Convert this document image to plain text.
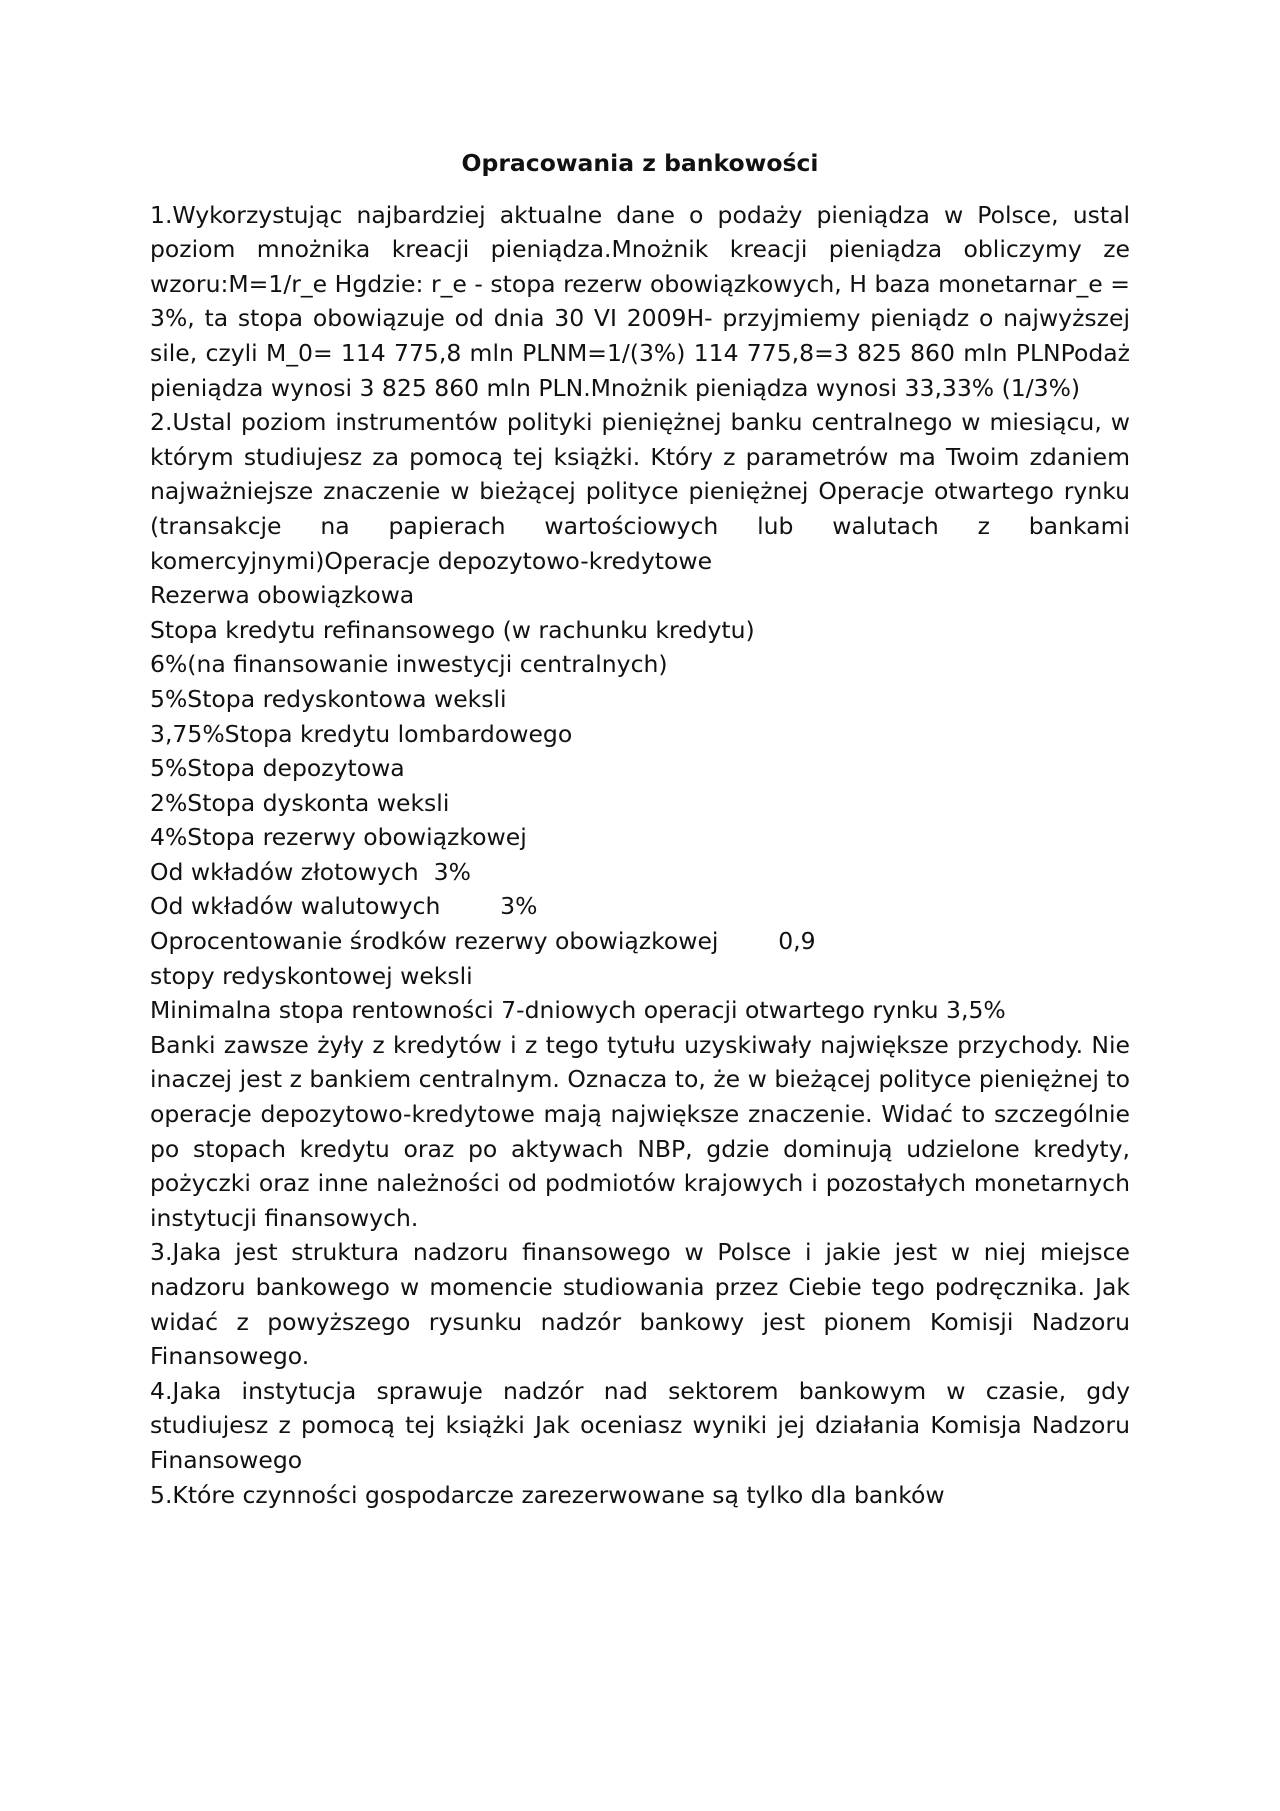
Opracowania z bankowości

1.Wykorzystując najbardziej aktualne dane o podaży pieniądza w Polsce, ustal poziom mnożnika kreacji pieniądza.Mnożnik kreacji pieniądza obliczymy ze wzoru:M=1/r_e Hgdzie: r_e - stopa rezerw obowiązkowych, H baza monetarnar_e = 3%, ta stopa obowiązuje od dnia 30 VI 2009H- przyjmiemy pieniądz o najwyższej sile, czyli M_0= 114 775,8 mln PLNM=1/(3%) 114 775,8=3 825 860 mln PLNPodaż pieniądza wynosi 3 825 860 mln PLN.Mnożnik pieniądza wynosi 33,33% (1/3%)

2.Ustal poziom instrumentów polityki pieniężnej banku centralnego w miesiącu, w którym studiujesz za pomocą tej książki. Który z parametrów ma Twoim zdaniem najważniejsze znaczenie w bieżącej polityce pieniężnej Operacje otwartego rynku (transakcje na papierach wartościowych lub walutach z bankami komercyjnymi)Operacje depozytowo-kredytowe

Rezerwa obowiązkowa

Stopa kredytu refinansowego (w rachunku kredytu)

6%(na finansowanie inwestycji centralnych)

5%Stopa redyskontowa weksli

3,75%Stopa kredytu lombardowego

5%Stopa depozytowa

2%Stopa dyskonta weksli

4%Stopa rezerwy obowiązkowej

Od wkładów złotowych  3%

Od wkładów walutowych        3%

Oprocentowanie środków rezerwy obowiązkowej        0,9

stopy redyskontowej weksli

Minimalna stopa rentowności 7-dniowych operacji otwartego rynku 3,5%

Banki zawsze żyły z kredytów i z tego tytułu uzyskiwały największe przychody. Nie inaczej jest z bankiem centralnym. Oznacza to, że w bieżącej polityce pieniężnej to operacje depozytowo-kredytowe mają największe znaczenie. Widać to szczególnie po stopach kredytu oraz po aktywach NBP, gdzie dominują udzielone kredyty, pożyczki oraz inne należności od podmiotów krajowych i pozostałych monetarnych instytucji finansowych.

3.Jaka jest struktura nadzoru finansowego w Polsce i jakie jest w niej miejsce nadzoru bankowego w momencie studiowania przez Ciebie tego podręcznika. Jak widać z powyższego rysunku nadzór bankowy jest pionem Komisji Nadzoru Finansowego.

4.Jaka instytucja sprawuje nadzór nad sektorem bankowym w czasie, gdy studiujesz z pomocą tej książki Jak oceniasz wyniki jej działania Komisja Nadzoru Finansowego

5.Które czynności gospodarcze zarezerwowane są tylko dla banków
